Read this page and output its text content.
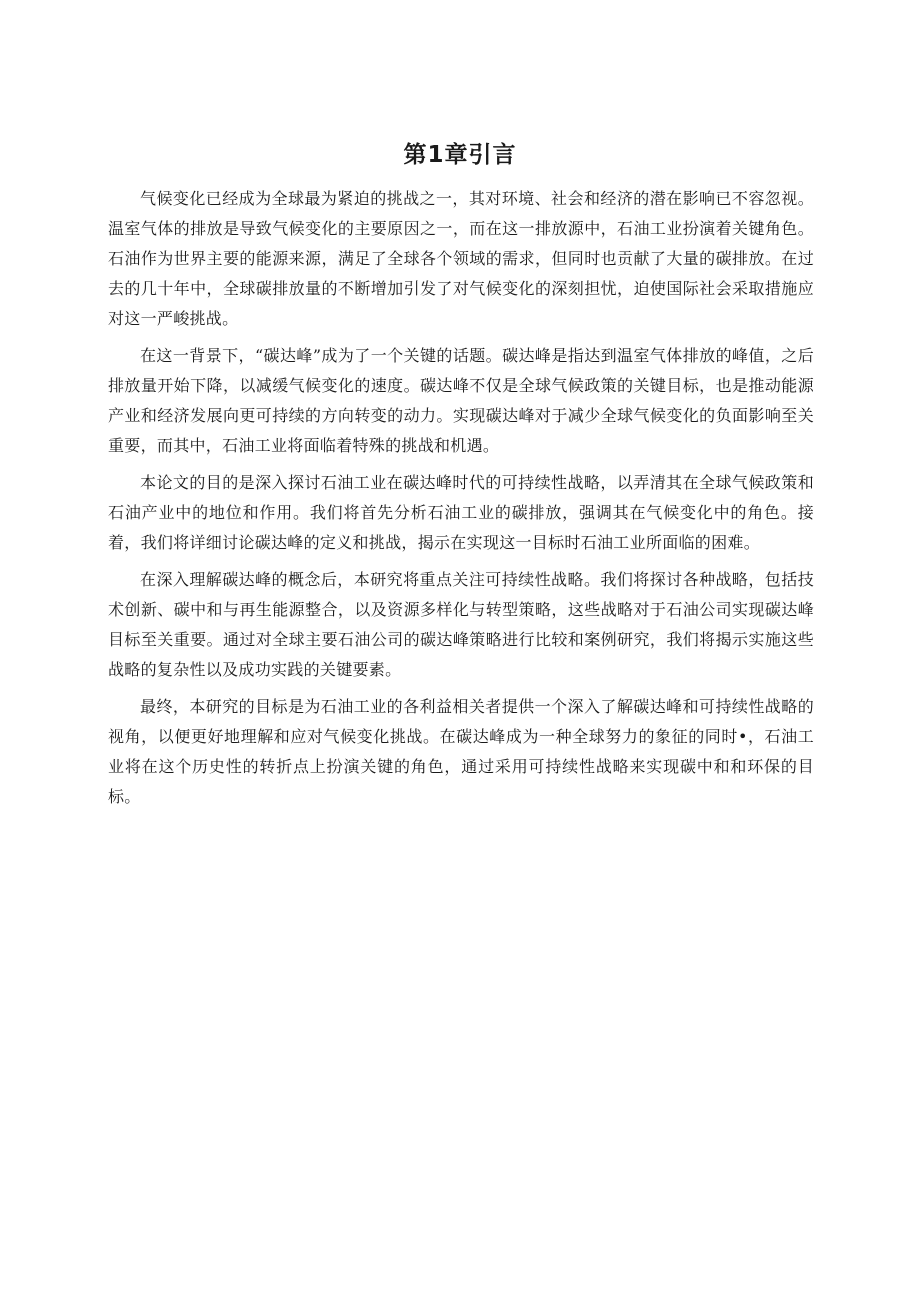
第1章引言

气候变化已经成为全球最为紧迫的挑战之一，其对环境、社会和经济的潜在影响已不容忽视。温室气体的排放是导致气候变化的主要原因之一，而在这一排放源中，石油工业扮演着关键角色。石油作为世界主要的能源来源，满足了全球各个领域的需求，但同时也贡献了大量的碳排放。在过去的几十年中，全球碳排放量的不断增加引发了对气候变化的深刻担忧，迫使国际社会采取措施应对这一严峻挑战。

在这一背景下，“碳达峰”成为了一个关键的话题。碳达峰是指达到温室气体排放的峰值，之后排放量开始下降，以减缓气候变化的速度。碳达峰不仅是全球气候政策的关键目标，也是推动能源产业和经济发展向更可持续的方向转变的动力。实现碳达峰对于减少全球气候变化的负面影响至关重要，而其中，石油工业将面临着特殊的挑战和机遇。

本论文的目的是深入探讨石油工业在碳达峰时代的可持续性战略，以弄清其在全球气候政策和石油产业中的地位和作用。我们将首先分析石油工业的碳排放，强调其在气候变化中的角色。接着，我们将详细讨论碳达峰的定义和挑战，揭示在实现这一目标时石油工业所面临的困难。

在深入理解碳达峰的概念后，本研究将重点关注可持续性战略。我们将探讨各种战略，包括技术创新、碳中和与再生能源整合，以及资源多样化与转型策略，这些战略对于石油公司实现碳达峰目标至关重要。通过对全球主要石油公司的碳达峰策略进行比较和案例研究，我们将揭示实施这些战略的复杂性以及成功实践的关键要素。

最终，本研究的目标是为石油工业的各利益相关者提供一个深入了解碳达峰和可持续性战略的视角，以便更好地理解和应对气候变化挑战。在碳达峰成为一种全球努力的象征的同时•，石油工业将在这个历史性的转折点上扮演关键的角色，通过采用可持续性战略来实现碳中和和环保的目标。
